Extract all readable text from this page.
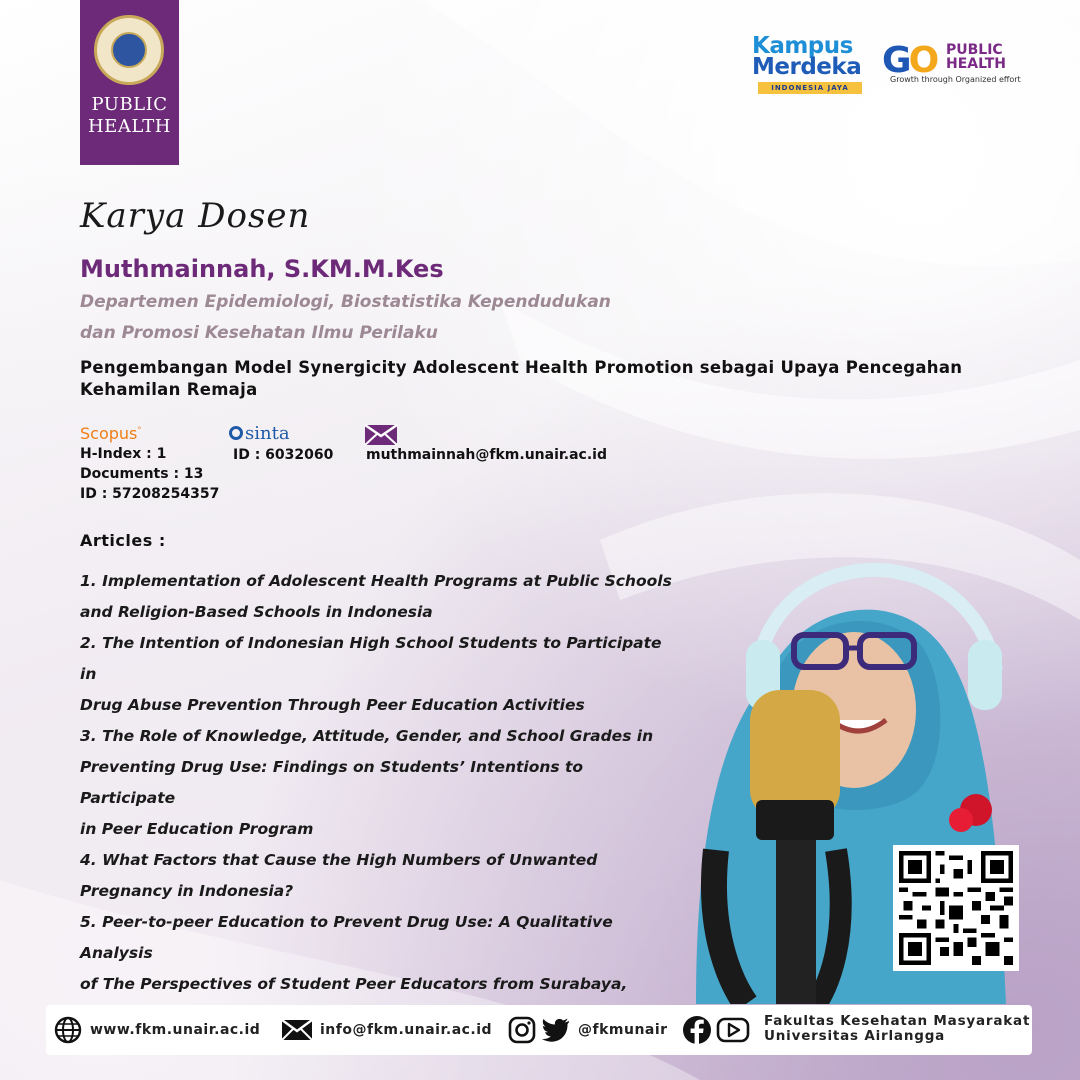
PUBLIC
HEALTH
Kampus
Merdeka
INDONESIA JAYA
GO PUBLIC
HEALTH
Growth through Organized effort
Karya Dosen
Muthmainnah, S.KM.M.Kes
Departemen Epidemiologi, Biostatistika Kependudukan
dan Promosi Kesehatan Ilmu Perilaku
Pengembangan Model Synergicity Adolescent Health Promotion sebagai Upaya Pencegahan Kehamilan Remaja
Scopus°
H-Index : 1
Documents : 13
ID : 57208254357
sinta
ID : 6032060 muthmainnah@fkm.unair.ac.id
Articles :
1. Implementation of Adolescent Health Programs at Public Schools
and Religion-Based Schools in Indonesia
2. The Intention of Indonesian High School Students to Participate in
Drug Abuse Prevention Through Peer Education Activities
3. The Role of Knowledge, Attitude, Gender, and School Grades in
Preventing Drug Use: Findings on Students’ Intentions to Participate
in Peer Education Program
4. What Factors that Cause the High Numbers of Unwanted
Pregnancy in Indonesia?
5. Peer-to-peer Education to Prevent Drug Use: A Qualitative Analysis
of The Perspectives of Student Peer Educators from Surabaya,
www.fkm.unair.ac.id	info@fkm.unair.ac.id	@fkmunair
Fakultas Kesehatan Masyarakat
Universitas Airlangga
